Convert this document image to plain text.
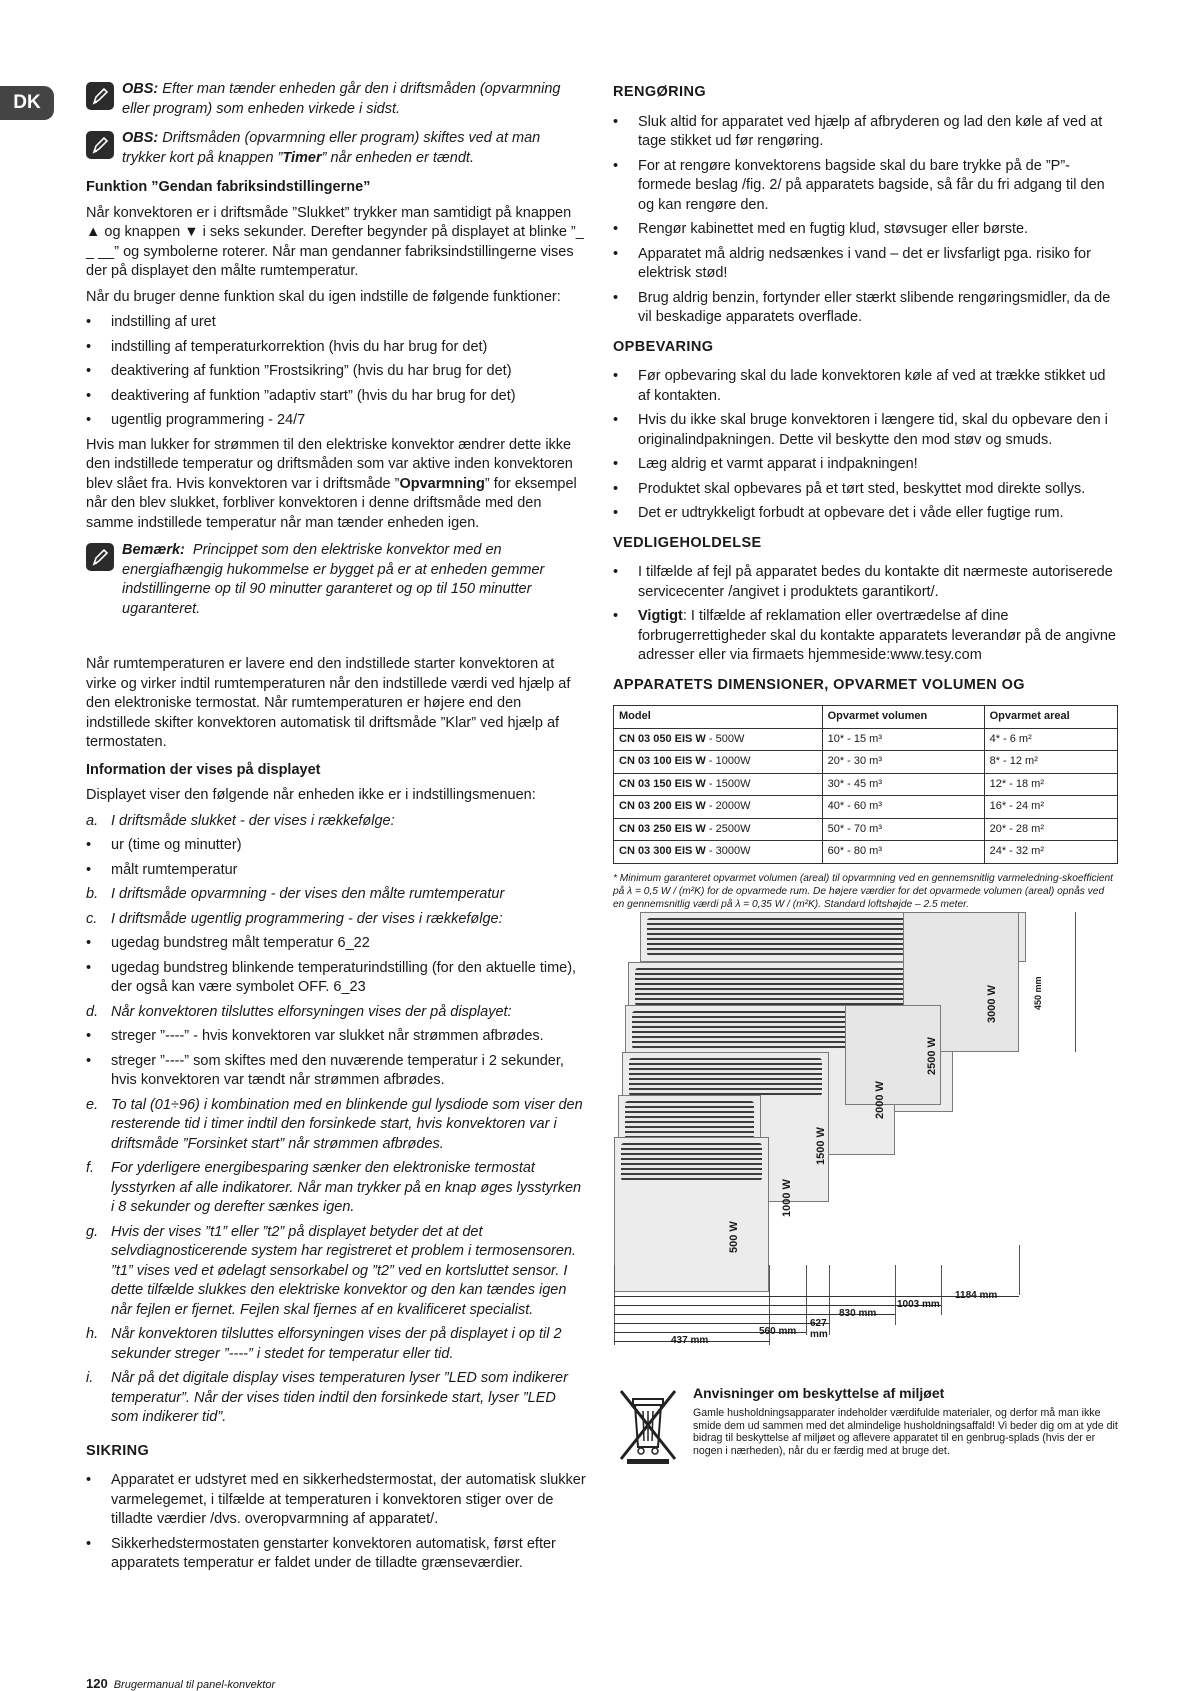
DK
OBS: Efter man tænder enheden går den i driftsmåden (opvarmning eller program) som enheden virkede i sidst.
OBS: Driftsmåden (opvarmning eller program) skiftes ved at man trykker kort på knappen ”Timer” når enheden er tændt.
Funktion ”Gendan fabriksindstillingerne”

Når konvektoren er i driftsmåde ”Slukket” trykker man samtidigt på knappen ▲ og knappen ▼ i seks sekunder. Derefter begynder på displayet at blinke ”_ _ __” og symbolerne roterer. Når man gendanner fabriksindstillingerne vises der på displayet den målte rumtemperatur.

Når du bruger denne funktion skal du igen indstille de følgende funktioner:

• indstilling af uret
• indstilling af temperaturkorrektion (hvis du har brug for det)
• deaktivering af funktion ”Frostsikring” (hvis du har brug for det)
• deaktivering af funktion ”adaptiv start” (hvis du har brug for det)
• ugentlig programmering - 24/7

Hvis man lukker for strømmen til den elektriske konvektor ændrer dette ikke den indstillede temperatur og driftsmåden som var aktive inden konvektoren blev slået fra. Hvis konvektoren var i driftsmåde ”Opvarmning” for eksempel når den blev slukket, forbliver konvektoren i denne driftsmåde med den samme indstillede temperatur når man tænder enheden igen.

Bemærk: Princippet som den elektriske konvektor med en energiafhængig hukommelse er bygget på er at enheden gemmer indstillingerne op til 90 minutter garanteret og op til 150 minutter ugaranteret.

Når rumtemperaturen er lavere end den indstillede starter konvektoren at virke og virker indtil rumtemperaturen når den indstillede værdi ved hjælp af den elektroniske termostat. Når rumtemperaturen er højere end den indstillede skifter konvektoren automatisk til driftsmåde ”Klar” ved hjælp af termostaten.

Information der vises på displayet

Displayet viser den følgende når enheden ikke er i indstillingsmenuen:

a. I driftsmåde slukket - der vises i rækkefølge:
• ur (time og minutter)
• målt rumtemperatur
b. I driftsmåde opvarmning - der vises den målte rumtemperatur
c. I driftsmåde ugentlig programmering - der vises i rækkefølge:
• ugedag bundstreg målt temperatur 6_22
• ugedag bundstreg blinkende temperaturindstilling (for den aktuelle time), der også kan være symbolet OFF. 6_23
d. Når konvektoren tilsluttes elforsyningen vises der på displayet:
• streger ”----” - hvis konvektoren var slukket når strømmen afbrødes.
• streger ”----” som skiftes med den nuværende temperatur i 2 sekunder, hvis konvektoren var tændt når strømmen afbrødes.
e. To tal (01÷96) i kombination med en blinkende gul lysdiode som viser den resterende tid i timer indtil den forsinkede start, hvis konvektoren var i driftsmåde ”Forsinket start” når strømmen afbrødes.
f. For yderligere energibesparing sænker den elektroniske termostat lysstyrken af alle indikatorer. Når man trykker på en knap øges lysstyrken i 8 sekunder og derefter sænkes igen.
g. Hvis der vises ”t1” eller ”t2” på displayet betyder det at det selvdiagnosticerende system har registreret et problem i termosensoren. ”t1” vises ved et ødelagt sensorkabel og ”t2” ved en kortsluttet sensor. I dette tilfælde slukkes den elektriske konvektor og den kan tændes igen når fejlen er fjernet. Fejlen skal fjernes af en kvalificeret specialist.
h. Når konvektoren tilsluttes elforsyningen vises der på displayet i op til 2 sekunder streger ”----” i stedet for temperatur eller tid.
i. Når på det digitale display vises temperaturen lyser ”LED som indikerer temperatur”. Når der vises tiden indtil den forsinkede start, lyser ”LED som indikerer tid”.
SIKRING
• Apparatet er udstyret med en sikkerhedstermostat, der automatisk slukker varmelegemet, i tilfælde at temperaturen i konvektoren stiger over de tilladte værdier /dvs. overopvarmning af apparatet/.
• Sikkerhedstermostaten genstarter konvektoren automatisk, først efter apparatets temperatur er faldet under de tilladte grænseværdier.
RENGØRING
• Sluk altid for apparatet ved hjælp af afbryderen og lad den køle af ved at tage stikket ud før rengøring.
• For at rengøre konvektorens bagside skal du bare trykke på de ”P”-formede beslag /fig. 2/ på apparatets bagside, så får du fri adgang til den og kan rengøre den.
• Rengør kabinettet med en fugtig klud, støvsuger eller børste.
• Apparatet må aldrig nedsænkes i vand – det er livsfarligt pga. risiko for elektrisk stød!
• Brug aldrig benzin, fortynder eller stærkt slibende rengøringsmidler, da de vil beskadige apparatets overflade.
OPBEVARING
• Før opbevaring skal du lade konvektoren køle af ved at trække stikket ud af kontakten.
• Hvis du ikke skal bruge konvektoren i længere tid, skal du opbevare den i originalindpakningen. Dette vil beskytte den mod støv og smuds.
• Læg aldrig et varmt apparat i indpakningen!
• Produktet skal opbevares på et tørt sted, beskyttet mod direkte sollys.
• Det er udtrykkeligt forbudt at opbevare det i våde eller fugtige rum.
VEDLIGEHOLDELSE
• I tilfælde af fejl på apparatet bedes du kontakte dit nærmeste autoriserede servicecenter /angivet i produktets garantikort/.
• Vigtigt: I tilfælde af reklamation eller overtrædelse af dine forbrugerrettigheder skal du kontakte apparatets leverandør på de angivne adresser eller via firmaets hjemmeside:www.tesy.com
APPARATETS DIMENSIONER, OPVARMET VOLUMEN OG
Model	Opvarmet volumen	Opvarmet areal
CN 03 050 EIS W - 500W	10* - 15 m³	4* - 6 m²
CN 03 100 EIS W - 1000W	20* - 30 m³	8* - 12 m²
CN 03 150 EIS W - 1500W	30* - 45 m³	12* - 18 m²
CN 03 200 EIS W - 2000W	40* - 60 m³	16* - 24 m²
CN 03 250 EIS W - 2500W	50* - 70 m³	20* - 28 m²
CN 03 300 EIS W - 3000W	60* - 80 m³	24* - 32 m²
* Minimum garanteret opvarmet volumen (areal) til opvarmning ved en gennemsnitlig varmeledning-skoefficient på λ = 0,5 W / (m²K) for de opvarmede rum. De højere værdier for det opvarmede volumen (areal) opnås ved en gennemsnitlig værdi på λ = 0,35 W / (m²K). Standard loftshøjde – 2.5 meter.
500 W
1000 W
1500 W
2000 W
2500 W
3000 W	450 mm
437 mm
560 mm
627 mm
830 mm
1003 mm
1184 mm
Anvisninger om beskyttelse af miljøet

Gamle husholdningsapparater indeholder værdifulde materialer, og derfor må man ikke smide dem ud sammen med det almindelige husholdningsaffald! Vi beder dig om at yde dit bidrag til beskyttelse af miljøet og aflevere apparatet til en genbrug-splads (hvis der er nogen i nærheden), når du er færdig med at bruge det.

120 Brugermanual til panel-konvektor
